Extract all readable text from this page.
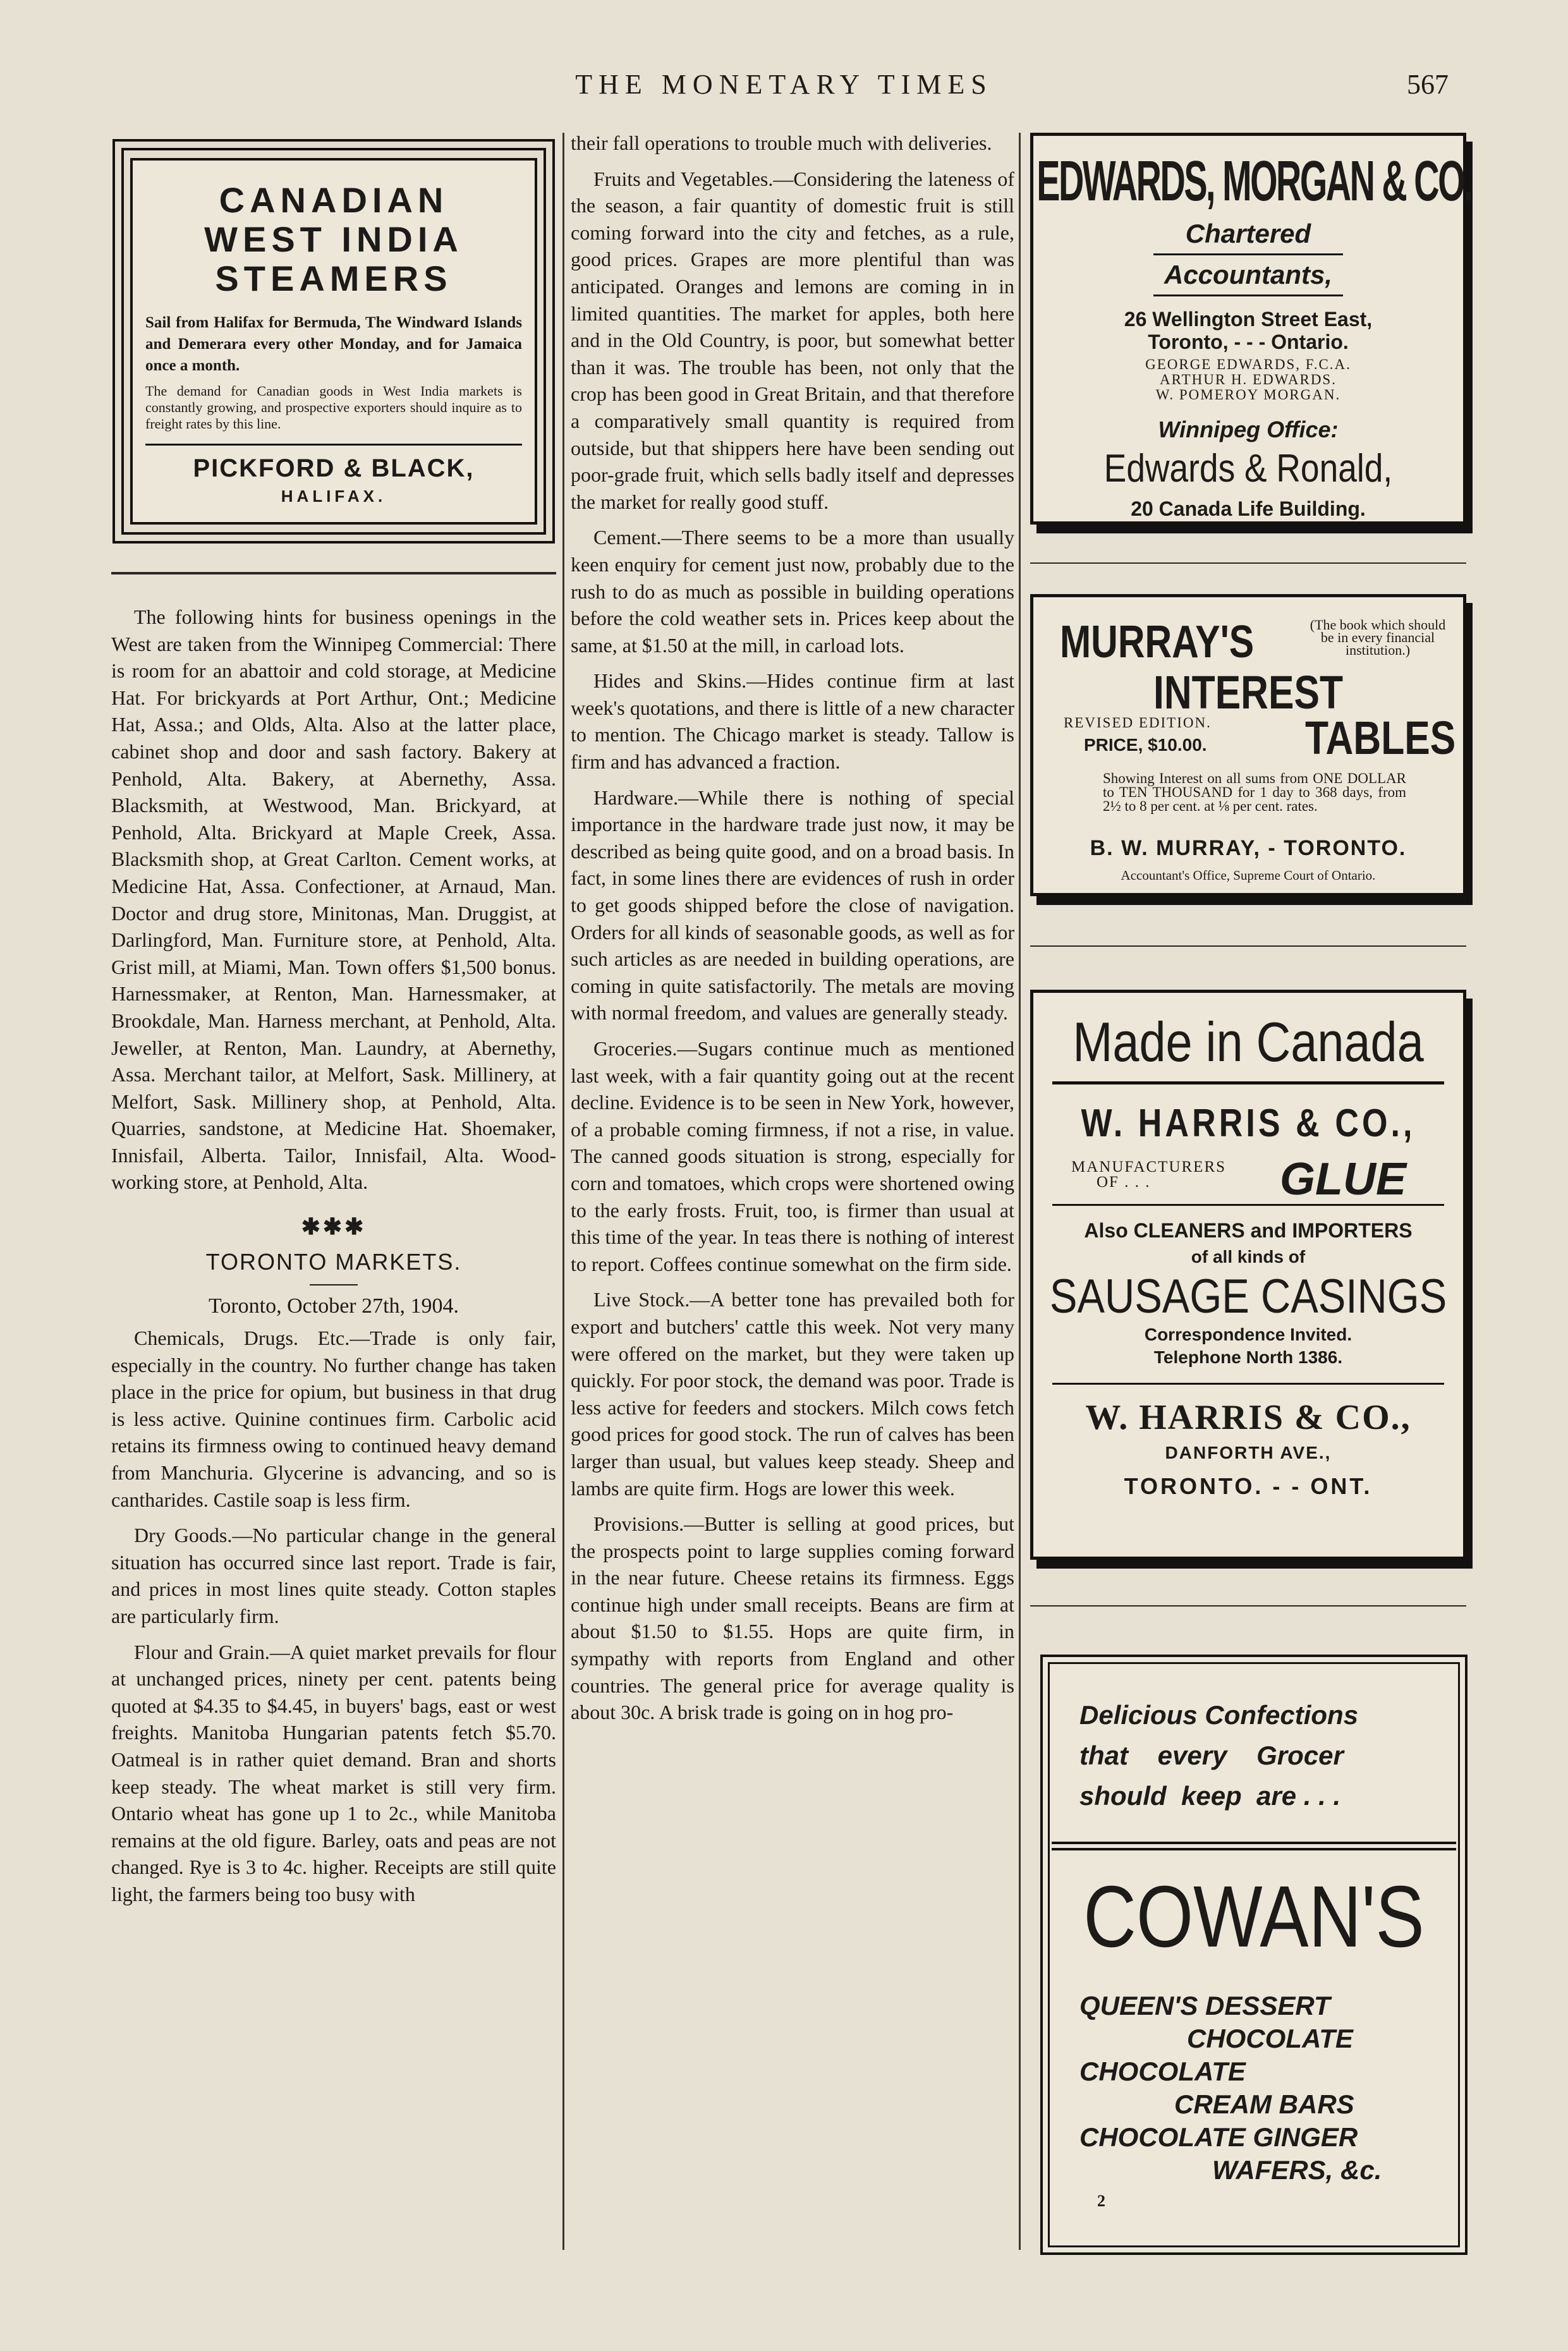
THE MONETARY TIMES	567
CANADIAN
WEST INDIA
STEAMERS
Sail from Halifax for Bermuda, The Windward Islands and Demerara every other Monday, and for Jamaica once a month.
The demand for Canadian goods in West India markets is constantly growing, and prospective exporters should inquire as to freight rates by this line.
PICKFORD & BLACK,
HALIFAX.

The following hints for business openings in the West are taken from the Winnipeg Commercial: There is room for an abattoir and cold storage, at Medicine Hat. For brickyards at Port Arthur, Ont.; Medicine Hat, Assa.; and Olds, Alta. Also at the latter place, cabinet shop and door and sash factory. Bakery at Penhold, Alta. Bakery, at Abernethy, Assa. Blacksmith, at Westwood, Man. Brickyard, at Penhold, Alta. Brickyard at Maple Creek, Assa. Blacksmith shop, at Great Carlton. Cement works, at Medicine Hat, Assa. Confectioner, at Arnaud, Man. Doctor and drug store, Minitonas, Man. Druggist, at Darlingford, Man. Furniture store, at Penhold, Alta. Grist mill, at Miami, Man. Town offers $1,500 bonus. Harnessmaker, at Renton, Man. Harnessmaker, at Brookdale, Man. Harness merchant, at Penhold, Alta. Jeweller, at Renton, Man. Laundry, at Abernethy, Assa. Merchant tailor, at Melfort, Sask. Millinery, at Melfort, Sask. Millinery shop, at Penhold, Alta. Quarries, sandstone, at Medicine Hat. Shoemaker, Innisfail, Alberta. Tailor, Innisfail, Alta. Wood-working store, at Penhold, Alta.

✱✱✱
TORONTO MARKETS.
Toronto, October 27th, 1904.

Chemicals, Drugs. Etc.—Trade is only fair, especially in the country. No further change has taken place in the price for opium, but business in that drug is less active. Quinine continues firm. Carbolic acid retains its firmness owing to continued heavy demand from Manchuria. Glycerine is advancing, and so is cantharides. Castile soap is less firm.

Dry Goods.—No particular change in the general situation has occurred since last report. Trade is fair, and prices in most lines quite steady. Cotton staples are particularly firm.

Flour and Grain.—A quiet market prevails for flour at unchanged prices, ninety per cent. patents being quoted at $4.35 to $4.45, in buyers' bags, east or west freights. Manitoba Hungarian patents fetch $5.70. Oatmeal is in rather quiet demand. Bran and shorts keep steady. The wheat market is still very firm. Ontario wheat has gone up 1 to 2c., while Manitoba remains at the old figure. Barley, oats and peas are not changed. Rye is 3 to 4c. higher. Receipts are still quite light, the farmers being too busy with

their fall operations to trouble much with deliveries.

Fruits and Vegetables.—Considering the lateness of the season, a fair quantity of domestic fruit is still coming forward into the city and fetches, as a rule, good prices. Grapes are more plentiful than was anticipated. Oranges and lemons are coming in in limited quantities. The market for apples, both here and in the Old Country, is poor, but somewhat better than it was. The trouble has been, not only that the crop has been good in Great Britain, and that therefore a comparatively small quantity is required from outside, but that shippers here have been sending out poor-grade fruit, which sells badly itself and depresses the market for really good stuff.

Cement.—There seems to be a more than usually keen enquiry for cement just now, probably due to the rush to do as much as possible in building operations before the cold weather sets in. Prices keep about the same, at $1.50 at the mill, in carload lots.

Hides and Skins.—Hides continue firm at last week's quotations, and there is little of a new character to mention. The Chicago market is steady. Tallow is firm and has advanced a fraction.

Hardware.—While there is nothing of special importance in the hardware trade just now, it may be described as being quite good, and on a broad basis. In fact, in some lines there are evidences of rush in order to get goods shipped before the close of navigation. Orders for all kinds of seasonable goods, as well as for such articles as are needed in building operations, are coming in quite satisfactorily. The metals are moving with normal freedom, and values are generally steady.

Groceries.—Sugars continue much as mentioned last week, with a fair quantity going out at the recent decline. Evidence is to be seen in New York, however, of a probable coming firmness, if not a rise, in value. The canned goods situation is strong, especially for corn and tomatoes, which crops were shortened owing to the early frosts. Fruit, too, is firmer than usual at this time of the year. In teas there is nothing of interest to report. Coffees continue somewhat on the firm side.

Live Stock.—A better tone has prevailed both for export and butchers' cattle this week. Not very many were offered on the market, but they were taken up quickly. For poor stock, the demand was poor. Trade is less active for feeders and stockers. Milch cows fetch good prices for good stock. The run of calves has been larger than usual, but values keep steady. Sheep and lambs are quite firm. Hogs are lower this week.

Provisions.—Butter is selling at good prices, but the prospects point to large supplies coming forward in the near future. Cheese retains its firmness. Eggs continue high under small receipts. Beans are firm at about $1.50 to $1.55. Hops are quite firm, in sympathy with reports from England and other countries. The general price for average quality is about 30c. A brisk trade is going on in hog pro-

EDWARDS, MORGAN & CO.
Chartered
Accountants,
26 Wellington Street East,
Toronto, - - - Ontario.
GEORGE EDWARDS, F.C.A.
ARTHUR H. EDWARDS.
W. POMEROY MORGAN.
Winnipeg Office:
Edwards & Ronald,
20 Canada Life Building.
MURRAY'S	(The book which should be in every financial institution.)
INTEREST
REVISED EDITION.
PRICE, $10.00. TABLES
Showing Interest on all sums from ONE DOLLAR to TEN THOUSAND for 1 day to 368 days, from 2½ to 8 per cent. at ⅛ per cent. rates.
B. W. MURRAY, - TORONTO.
Accountant's Office, Supreme Court of Ontario.
Made in Canada
W. HARRIS & CO.,
MANUFACTURERS
OF . . .	GLUE
Also CLEANERS and IMPORTERS
of all kinds of
SAUSAGE CASINGS
Correspondence Invited.
Telephone North 1386.
W. HARRIS & CO.,
DANFORTH AVE.,
TORONTO. - - ONT.
Delicious Confections
that    every    Grocer
should  keep  are . . .
COWAN'S
QUEEN'S DESSERT
CHOCOLATE
CHOCOLATE
CREAM BARS
CHOCOLATE GINGER
WAFERS, &c.
2
